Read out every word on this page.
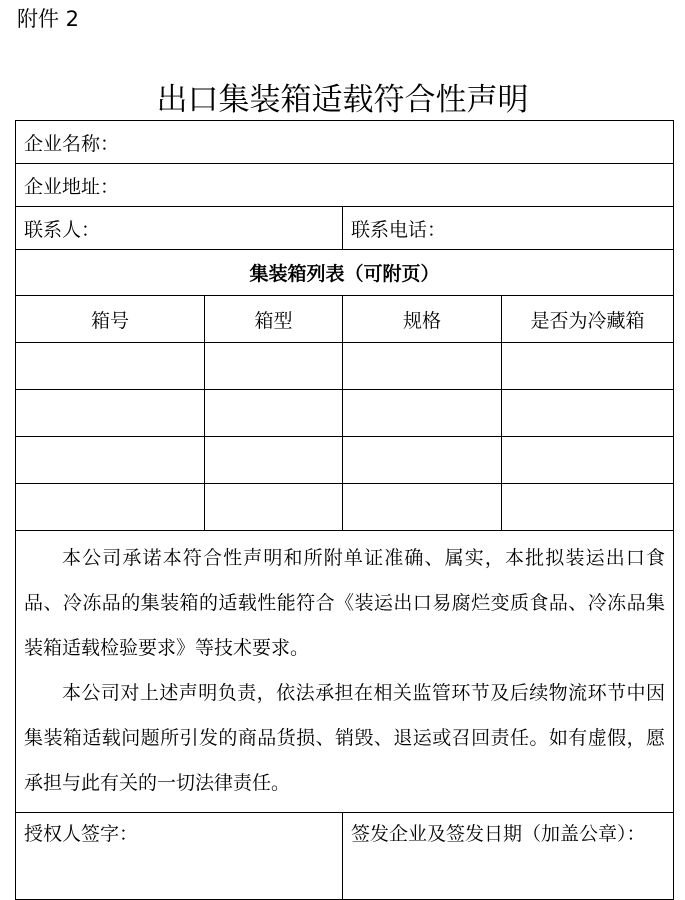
附件 2
出口集装箱适载符合性声明
企业名称：			
企业地址：			
联系人：		联系电话：	
集装箱列表（可附页）			
箱号	箱型	规格	是否为冷藏箱

本公司承诺本符合性声明和所附单证准确、属实，本批拟装运出口食品、冷冻品的集装箱的适载性能符合《装运出口易腐烂变质食品、冷冻品集装箱适载检验要求》等技术要求。

本公司对上述声明负责，依法承担在相关监管环节及后续物流环节中因集装箱适载问题所引发的商品货损、销毁、退运或召回责任。如有虚假，愿承担与此有关的一切法律责任。			

授权人签字：		签发企业及签发日期（加盖公章）：	
